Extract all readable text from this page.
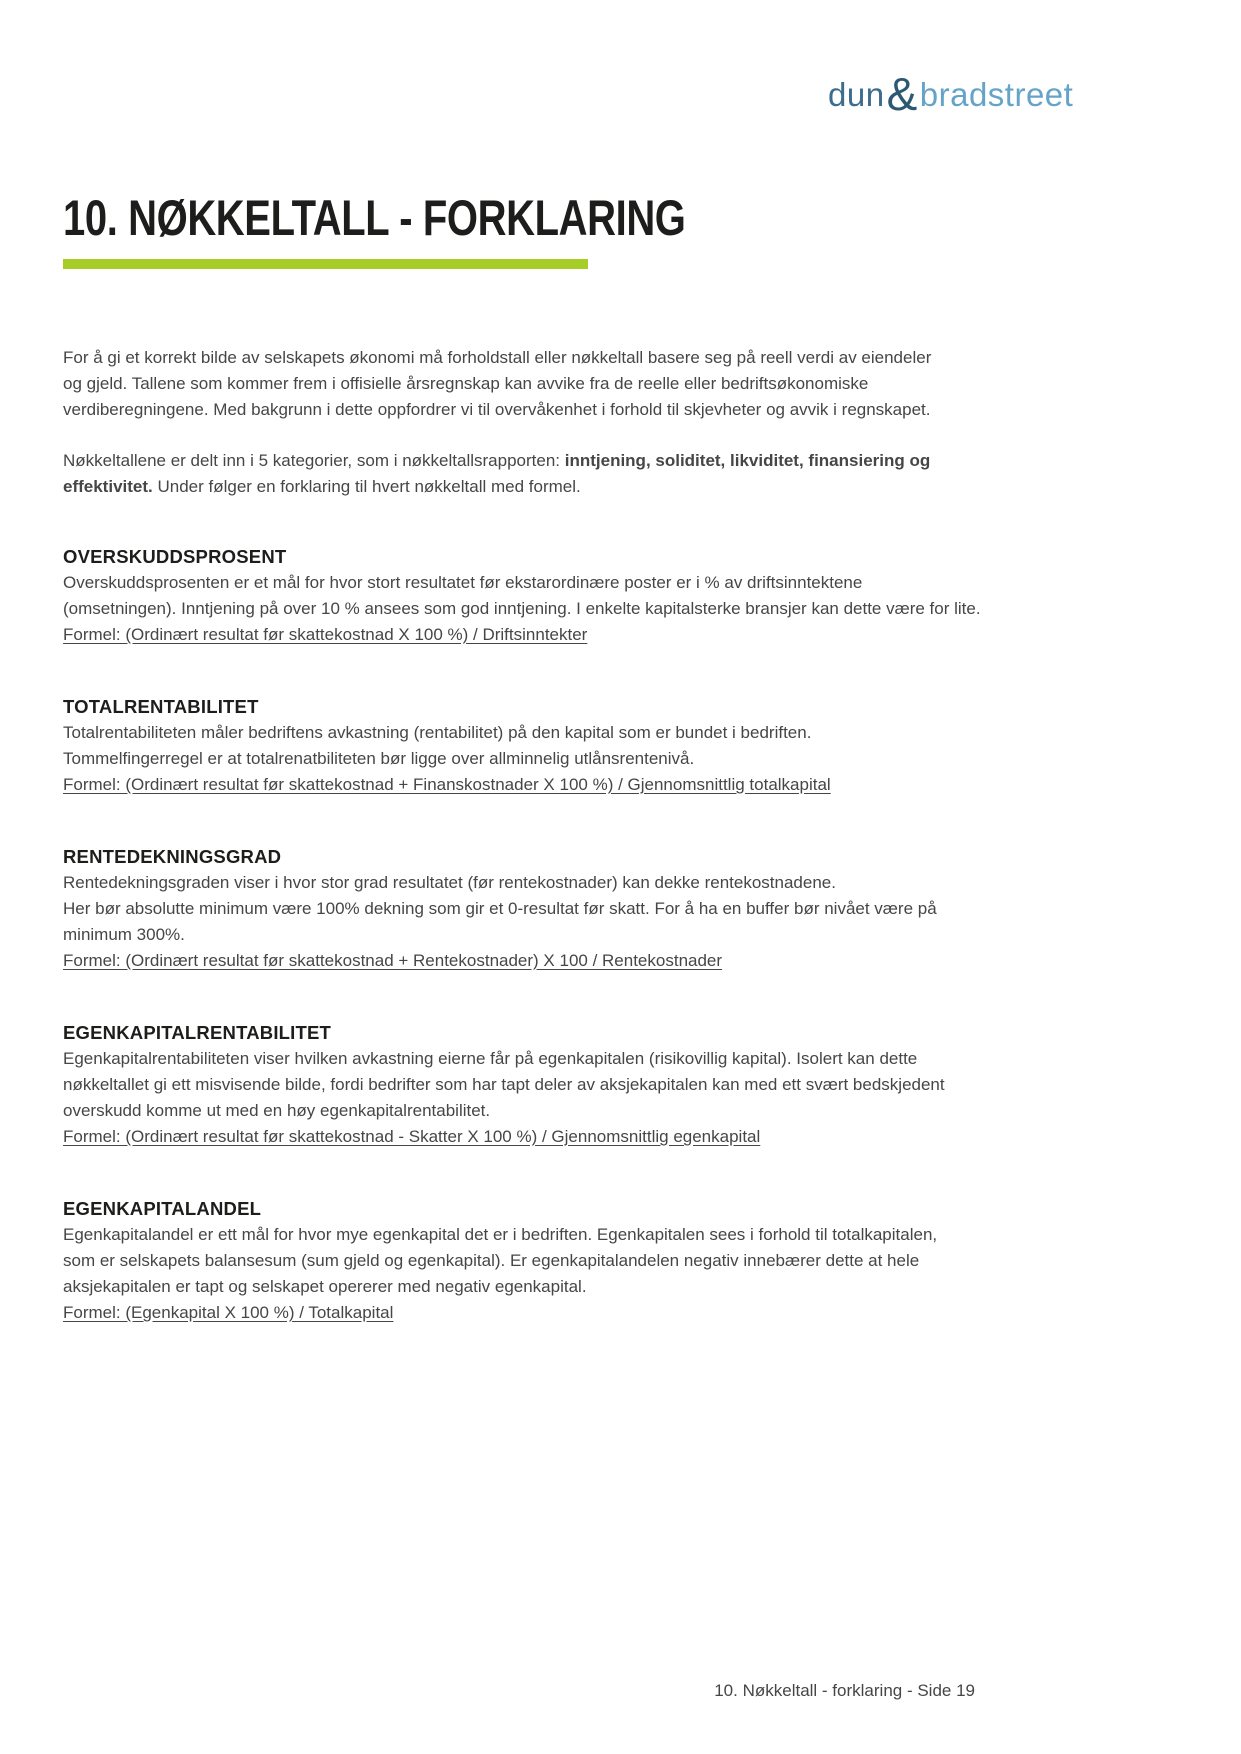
dun&bradstreet
10. NØKKELTALL - FORKLARING
For å gi et korrekt bilde av selskapets økonomi må forholdstall eller nøkkeltall basere seg på reell verdi av eiendeler
og gjeld. Tallene som kommer frem i offisielle årsregnskap kan avvike fra de reelle eller bedriftsøkonomiske
verdiberegningene. Med bakgrunn i dette oppfordrer vi til overvåkenhet i forhold til skjevheter og avvik i regnskapet.
Nøkkeltallene er delt inn i 5 kategorier, som i nøkkeltallsrapporten: inntjening, soliditet, likviditet, finansiering og
effektivitet. Under følger en forklaring til hvert nøkkeltall med formel.
OVERSKUDDSPROSENT
Overskuddsprosenten er et mål for hvor stort resultatet før ekstarordinære poster er i % av driftsinntektene
(omsetningen). Inntjening på over 10 % ansees som god inntjening. I enkelte kapitalsterke bransjer kan dette være for lite.
Formel: (Ordinært resultat før skattekostnad X 100 %) / Driftsinntekter
TOTALRENTABILITET
Totalrentabiliteten måler bedriftens avkastning (rentabilitet) på den kapital som er bundet i bedriften.
Tommelfingerregel er at totalrenatbiliteten bør ligge over allminnelig utlånsrentenivå.
Formel: (Ordinært resultat før skattekostnad + Finanskostnader X 100 %) / Gjennomsnittlig totalkapital
RENTEDEKNINGSGRAD
Rentedekningsgraden viser i hvor stor grad resultatet (før rentekostnader) kan dekke rentekostnadene.
Her bør absolutte minimum være 100% dekning som gir et 0-resultat før skatt. For å ha en buffer bør nivået være på
minimum 300%.
Formel: (Ordinært resultat før skattekostnad + Rentekostnader) X 100 / Rentekostnader
EGENKAPITALRENTABILITET
Egenkapitalrentabiliteten viser hvilken avkastning eierne får på egenkapitalen (risikovillig kapital). Isolert kan dette
nøkkeltallet gi ett misvisende bilde, fordi bedrifter som har tapt deler av aksjekapitalen kan med ett svært bedskjedent
overskudd komme ut med en høy egenkapitalrentabilitet.
Formel: (Ordinært resultat før skattekostnad - Skatter X 100 %) / Gjennomsnittlig egenkapital
EGENKAPITALANDEL
Egenkapitalandel er ett mål for hvor mye egenkapital det er i bedriften. Egenkapitalen sees i forhold til totalkapitalen,
som er selskapets balansesum (sum gjeld og egenkapital). Er egenkapitalandelen negativ innebærer dette at hele
aksjekapitalen er tapt og selskapet opererer med negativ egenkapital.
Formel: (Egenkapital X 100 %) / Totalkapital
10. Nøkkeltall - forklaring - Side 19
